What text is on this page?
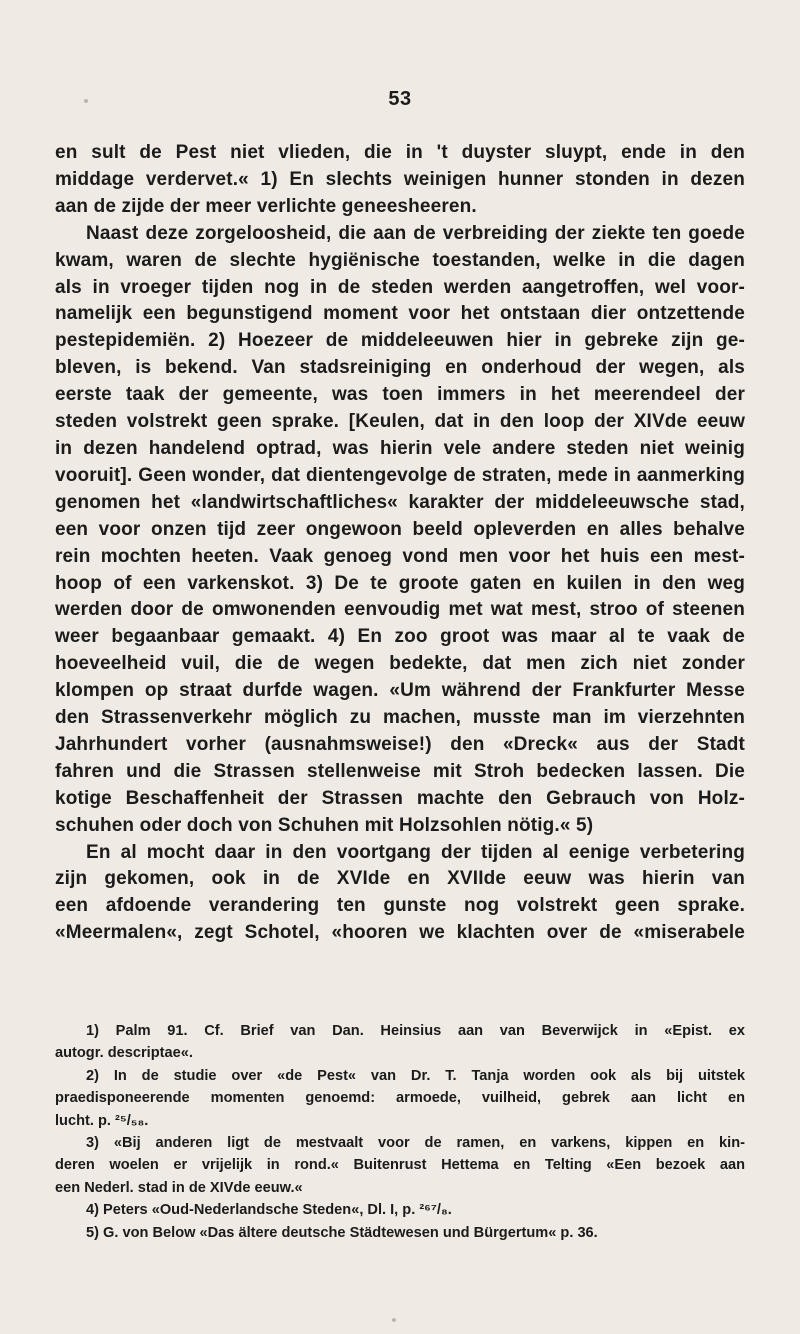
53
en sult de Pest niet vlieden, die in 't duyster sluypt, ende in den
middage verdervet.« 1) En slechts weinigen hunner stonden in dezen
aan de zijde der meer verlichte geneesheeren.
Naast deze zorgeloosheid, die aan de verbreiding der ziekte ten goede
kwam, waren de slechte hygiënische toestanden, welke in die dagen
als in vroeger tijden nog in de steden werden aangetroffen, wel voor-
namelijk een begunstigend moment voor het ontstaan dier ontzettende
pestepidemiën. 2) Hoezeer de middeleeuwen hier in gebreke zijn ge-
bleven, is bekend. Van stadsreiniging en onderhoud der wegen, als
eerste taak der gemeente, was toen immers in het meerendeel der
steden volstrekt geen sprake. [Keulen, dat in den loop der XIVde eeuw
in dezen handelend optrad, was hierin vele andere steden niet weinig
vooruit]. Geen wonder, dat dientengevolge de straten, mede in aanmerking
genomen het «landwirtschaftliches« karakter der middeleeuwsche stad,
een voor onzen tijd zeer ongewoon beeld opleverden en alles behalve
rein mochten heeten. Vaak genoeg vond men voor het huis een mest-
hoop of een varkenskot. 3) De te groote gaten en kuilen in den weg
werden door de omwonenden eenvoudig met wat mest, stroo of steenen
weer begaanbaar gemaakt. 4) En zoo groot was maar al te vaak de
hoeveelheid vuil, die de wegen bedekte, dat men zich niet zonder
klompen op straat durfde wagen. «Um während der Frankfurter Messe
den Strassenverkehr möglich zu machen, musste man im vierzehnten
Jahrhundert vorher (ausnahmsweise!) den «Dreck« aus der Stadt
fahren und die Strassen stellenweise mit Stroh bedecken lassen. Die
kotige Beschaffenheit der Strassen machte den Gebrauch von Holz-
schuhen oder doch von Schuhen mit Holzsohlen nötig.« 5)
En al mocht daar in den voortgang der tijden al eenige verbetering
zijn gekomen, ook in de XVIde en XVIIde eeuw was hierin van
een afdoende verandering ten gunste nog volstrekt geen sprake.
«Meermalen«, zegt Schotel, «hooren we klachten over de «miserabele
1) Palm 91. Cf. Brief van Dan. Heinsius aan van Beverwijck in «Epist. ex
autogr. descriptae«.
2) In de studie over «de Pest« van Dr. T. Tanja worden ook als bij uitstek
praedisponeerende momenten genoemd: armoede, vuilheid, gebrek aan licht en
lucht. p. ²⁵/₅₈.
3) «Bij anderen ligt de mestvaalt voor de ramen, en varkens, kippen en kin-
deren woelen er vrijelijk in rond.« Buitenrust Hettema en Telting «Een bezoek aan
een Nederl. stad in de XIVde eeuw.«
4) Peters «Oud-Nederlandsche Steden«, Dl. I, p. ²⁶⁷/₈.
5) G. von Below «Das ältere deutsche Städtewesen und Bürgertum« p. 36.
